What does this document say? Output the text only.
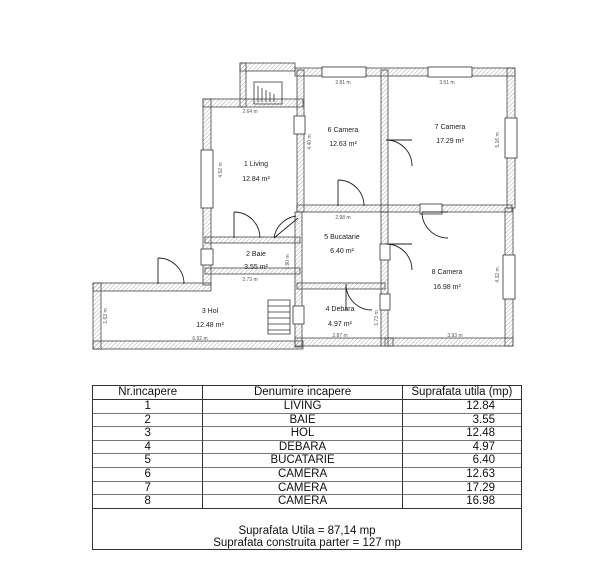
1 Living
12.84 m²
2 Baie
3.55 m²
3 Hol
12.48 m²
4 Debara
4.97 m²
5 Bucatarie
6.40 m²
6 Camera
12.63 m²
7 Camera
17.29 m²
8 Camera
16.98 m²
2.64 m
2.81 m	3.51 m
4.52 m
4.40 m	5.16 m
2.98 m
1.90 m
2.73 m
6.92 m
1.63 m
2.87 m
1.73 m
3.93 m
4.32 m
Nr.incapere	Denumire incapere	Suprafata utila (mp)
1	LIVING	12.84
2	BAIE	3.55
3	HOL	12.48
4	DEBARA	4.97
5	BUCATARIE	6.40
6	CAMERA	12.63
7	CAMERA	17.29
8	CAMERA	16.98

Suprafata Utila = 87,14 mp		
Suprafata construita parter = 127 mp		
